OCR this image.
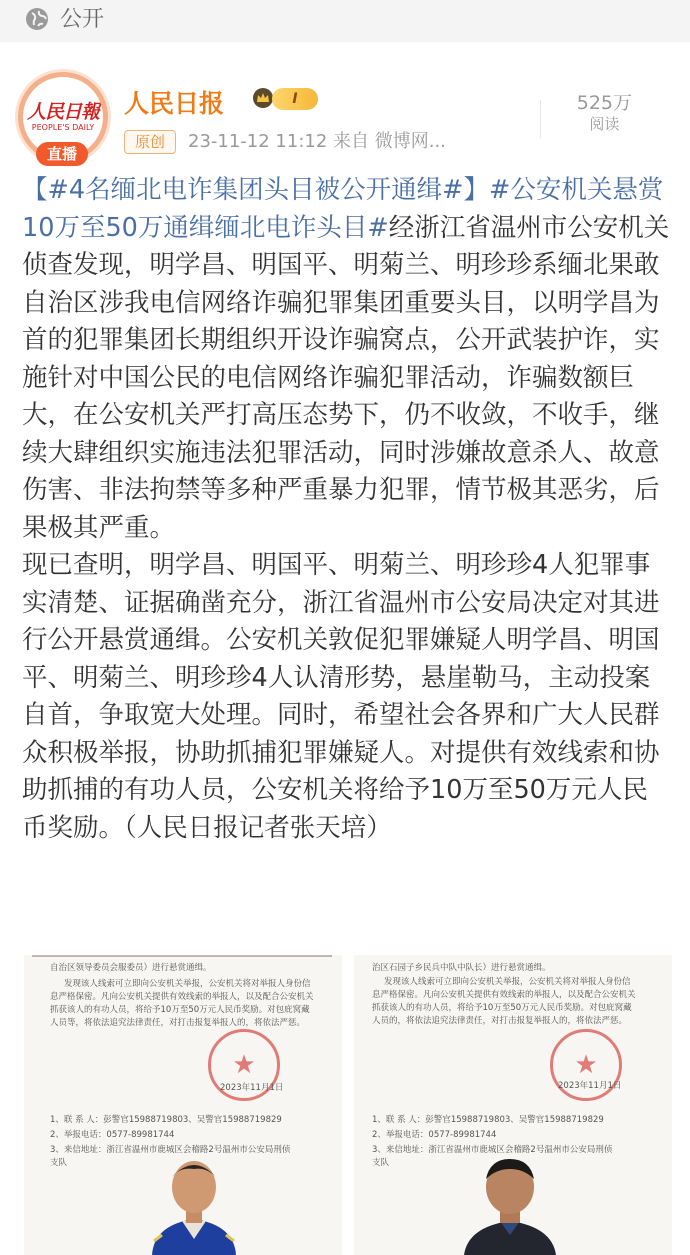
公开
人民日報
PEOPLE'S DAILY
直播
人民日报	I
原创	23-11-12 11:12 来自 微博网...
525万
阅读

【#4名缅北电诈集团头目被公开通缉#】#公安机关悬赏10万至50万通缉缅北电诈头目#经浙江省温州市公安机关侦查发现，明学昌、明国平、明菊兰、明珍珍系缅北果敢自治区涉我电信网络诈骗犯罪集团重要头目，以明学昌为首的犯罪集团长期组织开设诈骗窝点，公开武装护诈，实施针对中国公民的电信网络诈骗犯罪活动，诈骗数额巨大，在公安机关严打高压态势下，仍不收敛，不收手，继续大肆组织实施违法犯罪活动，同时涉嫌故意杀人、故意伤害、非法拘禁等多种严重暴力犯罪，情节极其恶劣，后果极其严重。

现已查明，明学昌、明国平、明菊兰、明珍珍4人犯罪事实清楚、证据确凿充分，浙江省温州市公安局决定对其进行公开悬赏通缉。公安机关敦促犯罪嫌疑人明学昌、明国平、明菊兰、明珍珍4人认清形势，悬崖勒马，主动投案自首，争取宽大处理。同时，希望社会各界和广大人民群众积极举报，协助抓捕犯罪嫌疑人。对提供有效线索和协助抓捕的有功人员，公安机关将给予10万至50万元人民币奖励。（人民日报记者张天培）

自治区领导委员会服委员）进行悬赏通缉。
发现该人线索可立即向公安机关举报，公安机关将对举报人身份信
息严格保密。凡向公安机关提供有效线索的举报人，以及配合公安机关
抓获该人的有功人员，将给予10万至50万元人民币奖励。对包庇窝藏
人员等，将依法追究法律责任，对打击报复举报人的，将依法严惩。
★
2023年11月1日
1、联 系 人：彭警官15988719803、吴警官15988719829
2、举报电话：0577-89981744
3、来信地址：浙江省温州市鹿城区会稽路2号温州市公安局刑侦
支队
治区石园子乡民兵中队中队长）进行悬赏通缉。
发现该人线索可立即向公安机关举报，公安机关将对举报人身份信
息严格保密。凡向公安机关提供有效线索的举报人，以及配合公安机关
抓获该人的有功人员，将给予10万至50万元人民币奖励。对包庇窝藏
人员的，将依法追究法律责任，对打击报复举报人的，将依法严惩。
★
2023年11月1日
1、联 系 人：彭警官15988719803、吴警官15988719829
2、举报电话：0577-89981744
3、来信地址：浙江省温州市鹿城区会稽路2号温州市公安局刑侦
支队
